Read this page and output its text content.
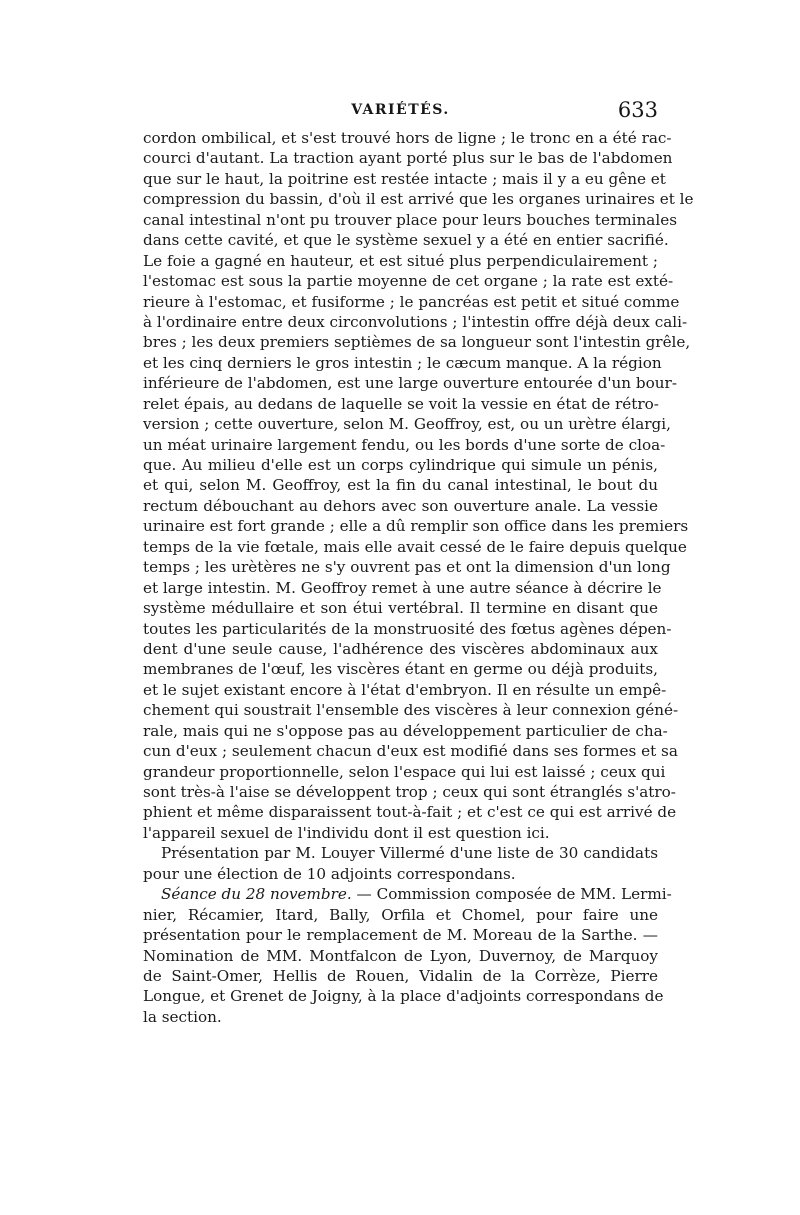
VARIÉTÉS.	633
cordon ombilical, et s'est trouvé hors de ligne ; le tronc en a été rac-
courci d'autant. La traction ayant porté plus sur le bas de l'abdomen
que sur le haut, la poitrine est restée intacte ; mais il y a eu gêne et
compression du bassin, d'où il est arrivé que les organes urinaires et le
canal intestinal n'ont pu trouver place pour leurs bouches terminales
dans cette cavité, et que le système sexuel y a été en entier sacrifié.
Le foie a gagné en hauteur, et est situé plus perpendiculairement ;
l'estomac est sous la partie moyenne de cet organe ; la rate est exté-
rieure à l'estomac, et fusiforme ; le pancréas est petit et situé comme
à l'ordinaire entre deux circonvolutions ; l'intestin offre déjà deux cali-
bres ; les deux premiers septièmes de sa longueur sont l'intestin grêle,
et les cinq derniers le gros intestin ; le cæcum manque. A la région
inférieure de l'abdomen, est une large ouverture entourée d'un bour-
relet épais, au dedans de laquelle se voit la vessie en état de rétro-
version ; cette ouverture, selon M. Geoffroy, est, ou un urètre élargi,
un méat urinaire largement fendu, ou les bords d'une sorte de cloa-
que. Au milieu d'elle est un corps cylindrique qui simule un pénis,
et qui, selon M. Geoffroy, est la fin du canal intestinal, le bout du
rectum débouchant au dehors avec son ouverture anale. La vessie
urinaire est fort grande ; elle a dû remplir son office dans les premiers
temps de la vie fœtale, mais elle avait cessé de le faire depuis quelque
temps ; les urètères ne s'y ouvrent pas et ont la dimension d'un long
et large intestin. M. Geoffroy remet à une autre séance à décrire le
système médullaire et son étui vertébral. Il termine en disant que
toutes les particularités de la monstruosité des fœtus agènes dépen-
dent d'une seule cause, l'adhérence des viscères abdominaux aux
membranes de l'œuf, les viscères étant en germe ou déjà produits,
et le sujet existant encore à l'état d'embryon. Il en résulte un empê-
chement qui soustrait l'ensemble des viscères à leur connexion géné-
rale, mais qui ne s'oppose pas au développement particulier de cha-
cun d'eux ; seulement chacun d'eux est modifié dans ses formes et sa
grandeur proportionnelle, selon l'espace qui lui est laissé ; ceux qui
sont très-à l'aise se développent trop ; ceux qui sont étranglés s'atro-
phient et même disparaissent tout-à-fait ; et c'est ce qui est arrivé de
l'appareil sexuel de l'individu dont il est question ici.
Présentation par M. Louyer Villermé d'une liste de 30 candidats
pour une élection de 10 adjoints correspondans.
Séance du 28 novembre. — Commission composée de MM. Lermi-
nier, Récamier, Itard, Bally, Orfila et Chomel, pour faire une
présentation pour le remplacement de M. Moreau de la Sarthe. —
Nomination de MM. Montfalcon de Lyon, Duvernoy, de Marquoy
de Saint-Omer, Hellis de Rouen, Vidalin de la Corrèze, Pierre
Longue, et Grenet de Joigny, à la place d'adjoints correspondans de
la section.
